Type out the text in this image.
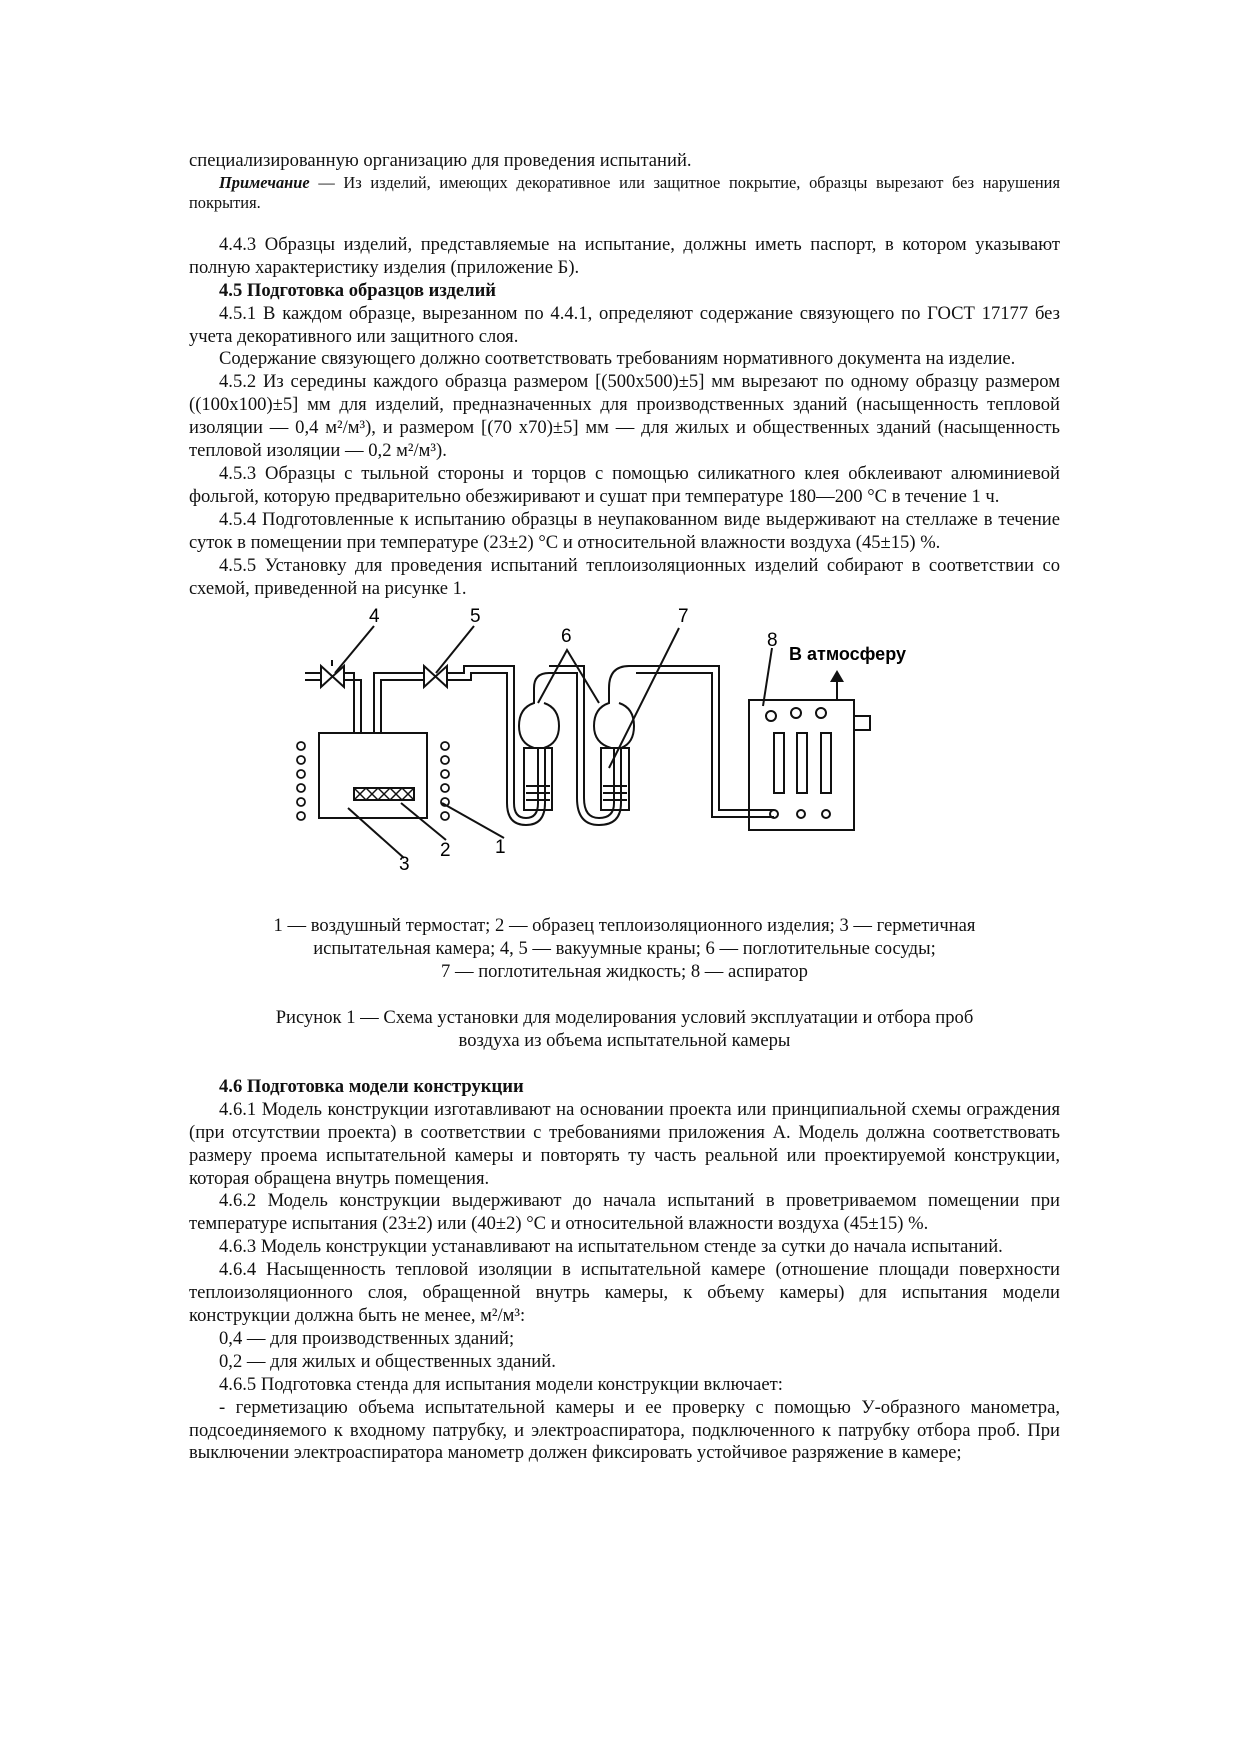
специализированную организацию для проведения испытаний.

Примечание — Из изделий, имеющих декоративное или защитное покрытие, образцы вырезают без нарушения покрытия.

4.4.3 Образцы изделий, представляемые на испытание, должны иметь паспорт, в котором указывают полную характеристику изделия (приложение Б).

4.5 Подготовка образцов изделий

4.5.1 В каждом образце, вырезанном по 4.4.1, определяют содержание связующего по ГОСТ 17177 без учета декоративного или защитного слоя.

Содержание связующего должно соответствовать требованиям нормативного документа на изделие.

4.5.2 Из середины каждого образца размером [(500x500)±5] мм вырезают по одному образцу размером ((100x100)±5] мм для изделий, предназначенных для производственных зданий (насыщенность тепловой изоляции — 0,4 м²/м³), и размером [(70 x70)±5] мм — для жилых и общественных зданий (насыщенность тепловой изоляции — 0,2 м²/м³).

4.5.3 Образцы с тыльной стороны и торцов с помощью силикатного клея обклеивают алюминиевой фольгой, которую предварительно обезжиривают и сушат при температуре 180—200 °С в течение 1 ч.

4.5.4 Подготовленные к испытанию образцы в неупакованном виде выдерживают на стеллаже в течение суток в помещении при температуре (23±2) °С и относительной влажности воздуха (45±15) %.

4.5.5 Установку для проведения испытаний теплоизоляционных изделий собирают в соответствии со схемой, приведенной на рисунке 1.

4	5
6
7
8
В атмосферу
1
2
3
1 — воздушный термостат; 2 — образец теплоизоляционного изделия; 3 — герметичная
испытательная камера; 4, 5 — вакуумные краны; 6 — поглотительные сосуды;
7 — поглотительная жидкость; 8 — аспиратор
Рисунок 1 — Схема установки для моделирования условий эксплуатации и отбора проб
воздуха из объема испытательной камеры

4.6 Подготовка модели конструкции

4.6.1 Модель конструкции изготавливают на основании проекта или принципиальной схемы ограждения (при отсутствии проекта) в соответствии с требованиями приложения А. Модель должна соответствовать размеру проема испытательной камеры и повторять ту часть реальной или проектируемой конструкции, которая обращена внутрь помещения.

4.6.2 Модель конструкции выдерживают до начала испытаний в проветриваемом помещении при температуре испытания (23±2) или (40±2) °С и относительной влажности воздуха (45±15) %.

4.6.3 Модель конструкции устанавливают на испытательном стенде за сутки до начала испытаний.

4.6.4 Насыщенность тепловой изоляции в испытательной камере (отношение площади поверхности теплоизоляционного слоя, обращенной внутрь камеры, к объему камеры) для испытания модели конструкции должна быть не менее, м²/м³:

0,4 — для производственных зданий;

0,2 — для жилых и общественных зданий.

4.6.5 Подготовка стенда для испытания модели конструкции включает:

- герметизацию объема испытательной камеры и ее проверку с помощью У-образного манометра, подсоединяемого к входному патрубку, и электроаспиратора, подключенного к патрубку отбора проб. При выключении электроаспиратора манометр должен фиксировать устойчивое разряжение в камере;
